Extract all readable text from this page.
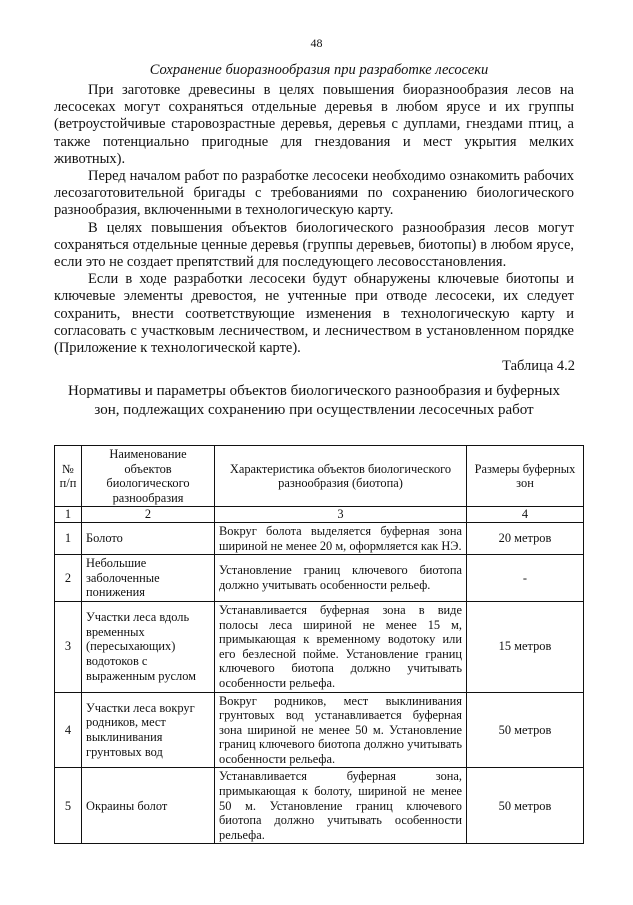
48
Сохранение биоразнообразия при разработке лесосеки

При заготовке древесины в целях повышения биоразнообразия лесов на лесосеках могут сохраняться отдельные деревья в любом ярусе и их группы (ветроустойчивые старовозрастные деревья, деревья с дуплами, гнездами птиц, а также потенциально пригодные для гнездования и мест укрытия мелких животных).

Перед началом работ по разработке лесосеки необходимо ознакомить рабочих лесозаготовительной бригады с требованиями по сохранению биологического разнообразия, включенными в технологическую карту.

В целях повышения объектов биологического разнообразия лесов могут сохраняться отдельные ценные деревья (группы деревьев, биотопы) в любом ярусе, если это не создает препятствий для последующего лесовосстановления.

Если в ходе разработки лесосеки будут обнаружены ключевые биотопы и ключевые элементы древостоя, не учтенные при отводе лесосеки, их следует сохранить, внести соответствующие изменения в технологическую карту и согласовать с участковым лесничеством, и лесничеством в установленном порядке (Приложение к технологической карте).

Таблица 4.2
Нормативы и параметры объектов биологического разнообразия и буферных зон, подлежащих сохранению при осуществлении лесосечных работ
№ п/п	Наименование объектов биологического разнообразия	Характеристика объектов биологического разнообразия (биотопа)	Размеры буферных зон
1	2	3	4
1	Болото	Вокруг болота выделяется буферная зона шириной не менее 20 м, оформляется как НЭ.	20 метров
2	Небольшие заболоченные понижения	Установление границ ключевого биотопа должно учитывать особенности рельеф.	-
3	Участки леса вдоль временных (пересыхающих) водотоков с выраженным руслом	Устанавливается буферная зона в виде полосы леса шириной не менее 15 м, примыкающая к временному водотоку или его безлесной пойме. Установление границ ключевого биотопа должно учитывать особенности рельефа.	15 метров
4	Участки леса вокруг родников, мест выклинивания грунтовых вод	Вокруг родников, мест выклинивания грунтовых вод устанавливается буферная зона шириной не менее 50 м. Установление границ ключевого биотопа должно учитывать особенности рельефа.	50 метров
5	Окраины болот	Устанавливается буферная зона, примыкающая к болоту, шириной не менее 50 м. Установление границ ключевого биотопа должно учитывать особенности рельефа.	50 метров
